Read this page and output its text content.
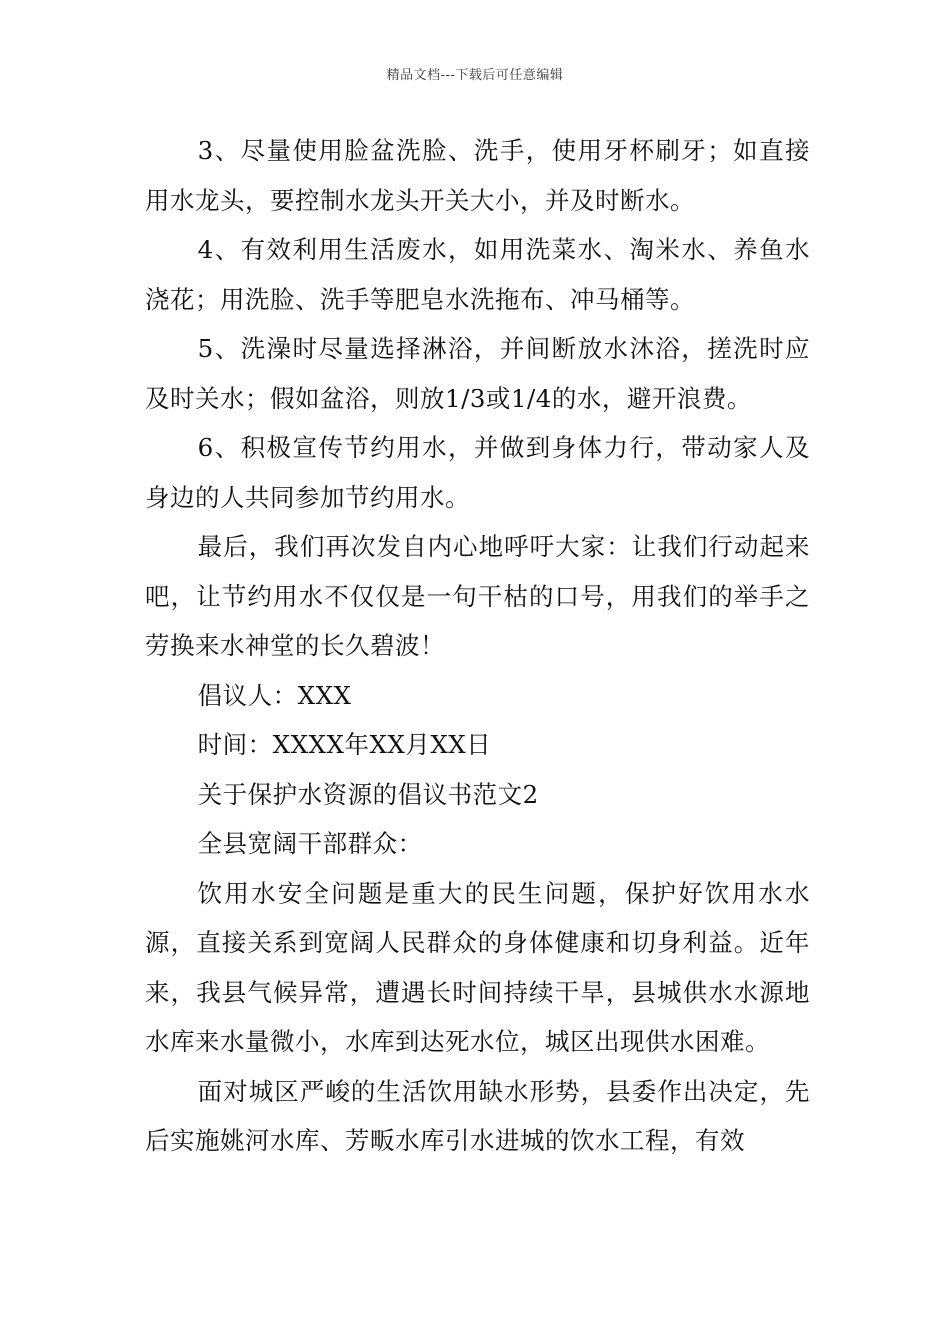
精品文档---下载后可任意编辑

3、尽量使用脸盆洗脸、洗手，使用牙杯刷牙；如直接用水龙头，要控制水龙头开关大小，并及时断水。

4、有效利用生活废水，如用洗菜水、淘米水、养鱼水浇花；用洗脸、洗手等肥皂水洗拖布、冲马桶等。

5、洗澡时尽量选择淋浴，并间断放水沐浴，搓洗时应及时关水；假如盆浴，则放1/3或1/4的水，避开浪费。

6、积极宣传节约用水，并做到身体力行，带动家人及身边的人共同参加节约用水。

最后，我们再次发自内心地呼吁大家：让我们行动起来吧，让节约用水不仅仅是一句干枯的口号，用我们的举手之劳换来水神堂的长久碧波！

倡议人：XXX

时间：XXXX年XX月XX日

关于保护水资源的倡议书范文2

全县宽阔干部群众：

饮用水安全问题是重大的民生问题，保护好饮用水水源，直接关系到宽阔人民群众的身体健康和切身利益。近年来，我县气候异常，遭遇长时间持续干旱，县城供水水源地水库来水量微小，水库到达死水位，城区出现供水困难。

面对城区严峻的生活饮用缺水形势，县委作出决定，先后实施姚河水库、芳畈水库引水进城的饮水工程，有效
